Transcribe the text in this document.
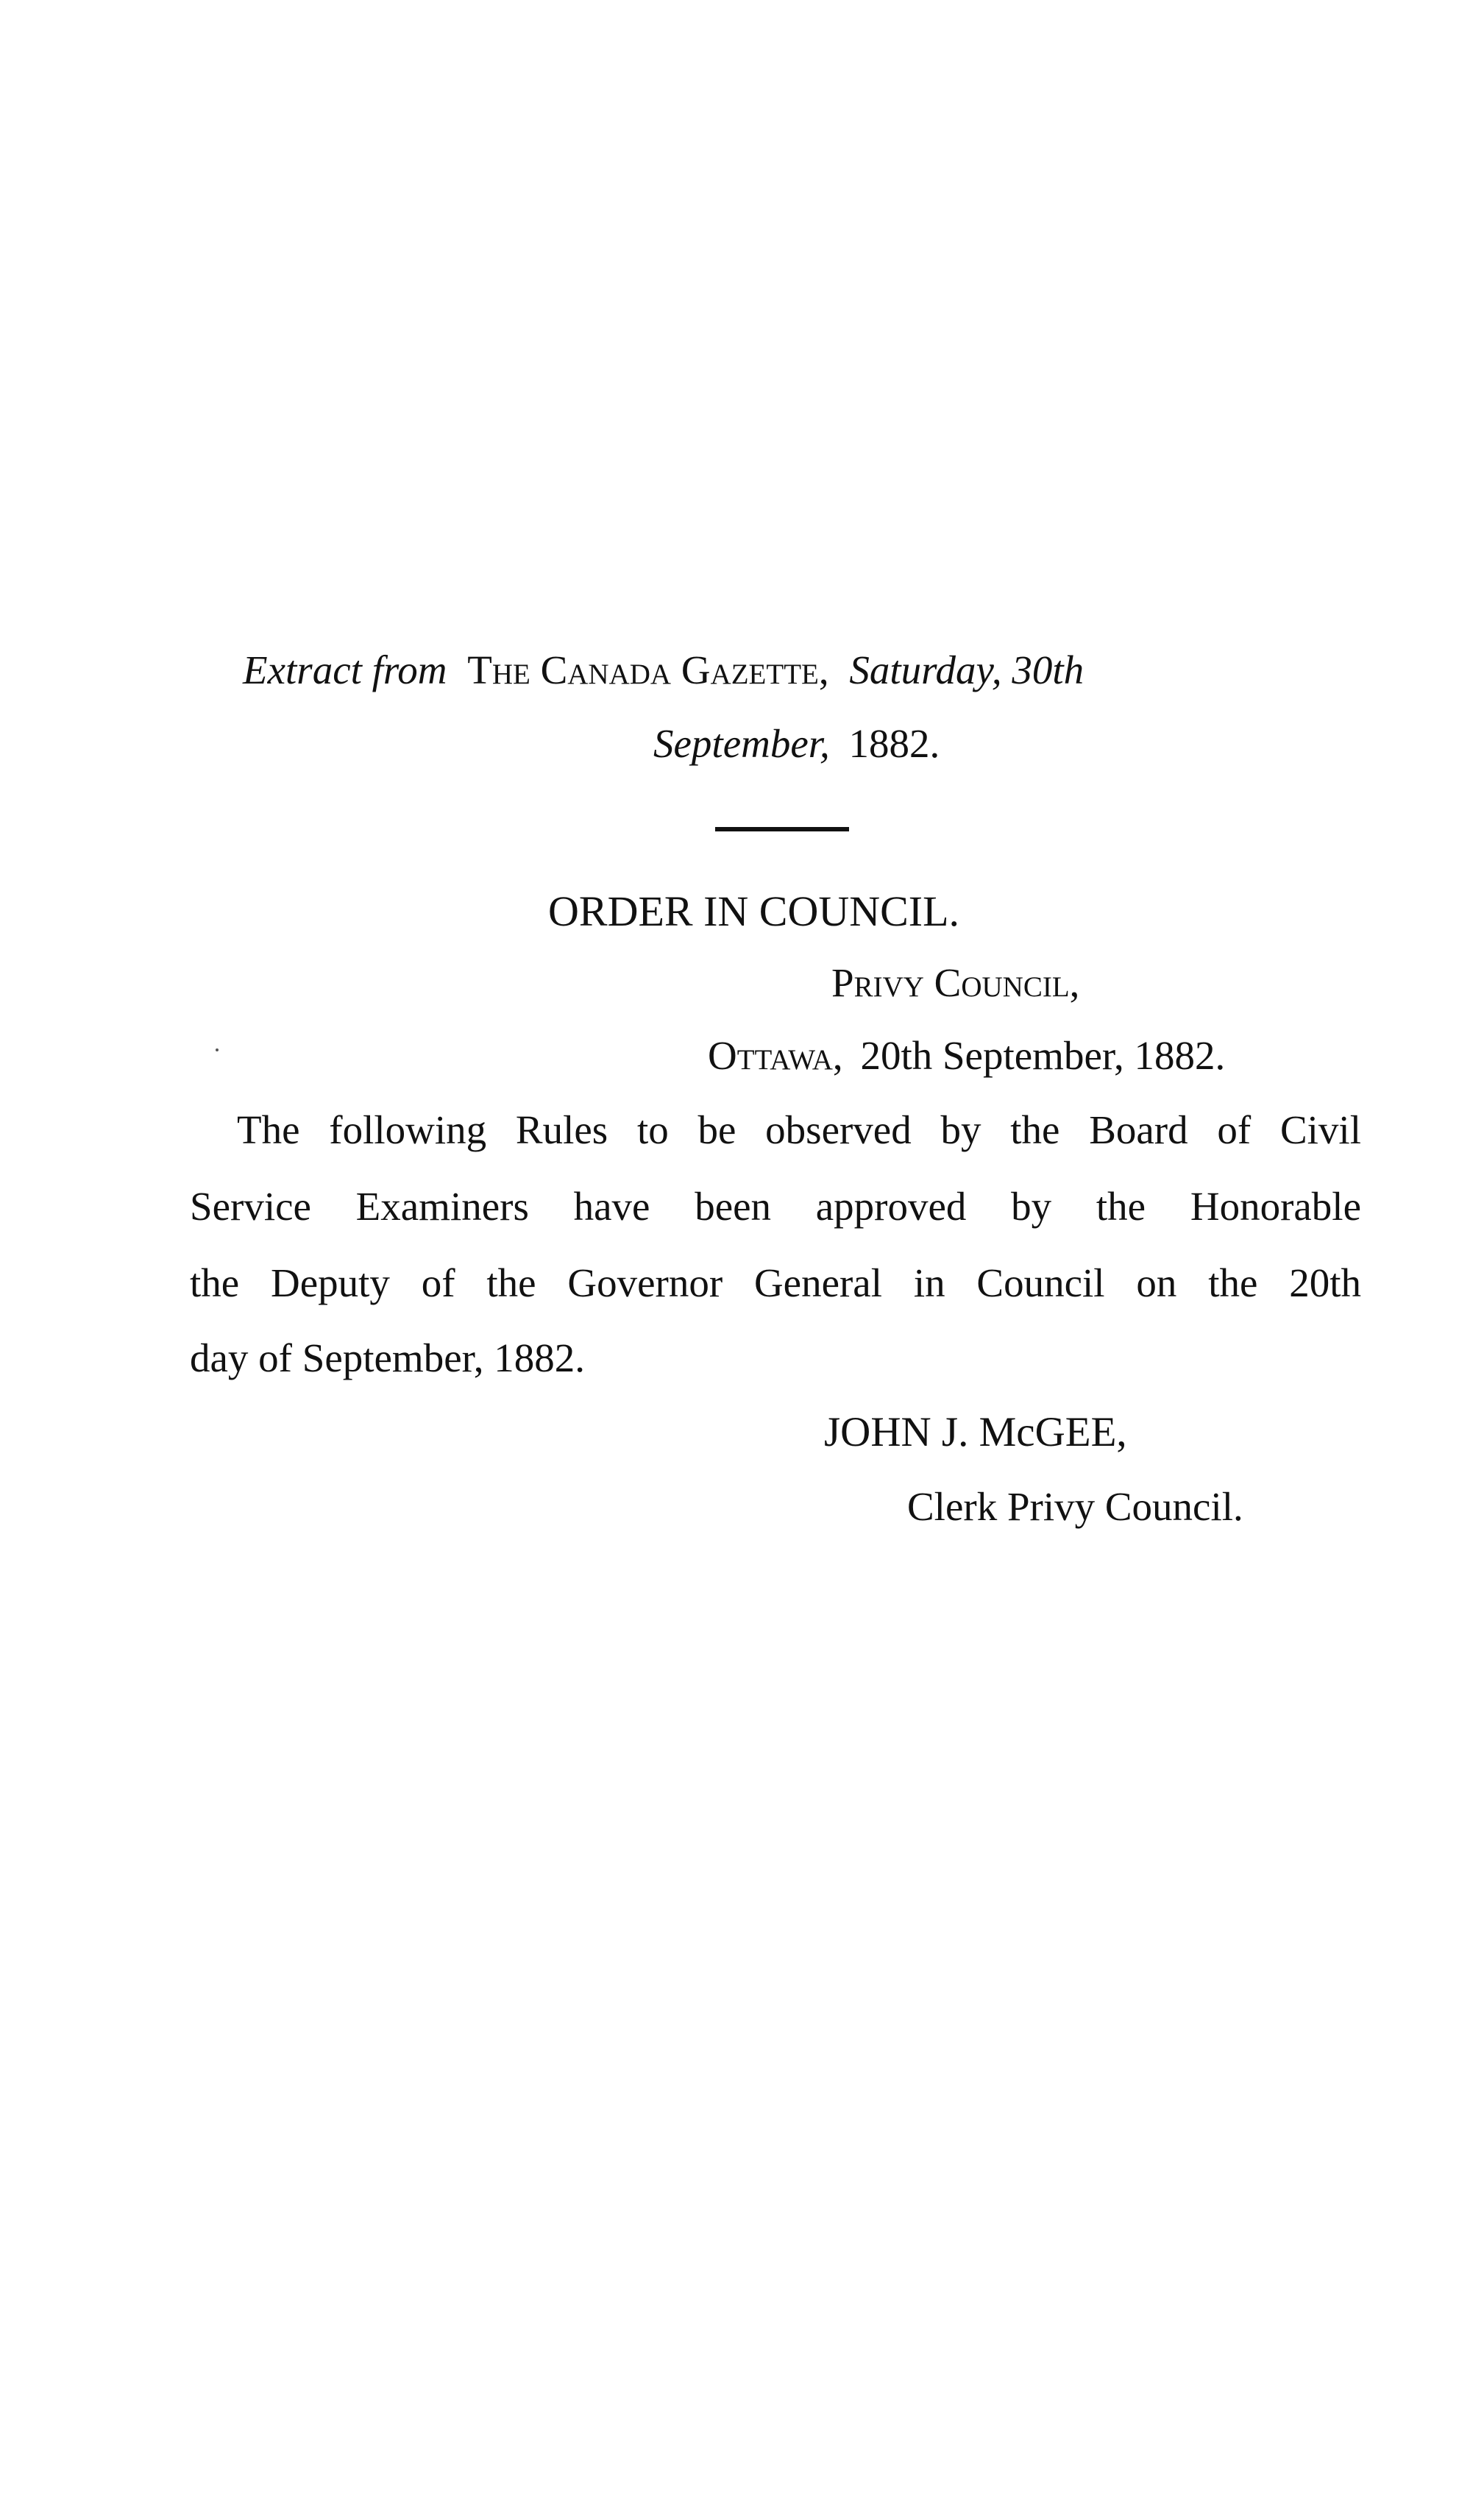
Extract from The Canada Gazette, Saturday, 30th
September, 1882.
ORDER IN COUNCIL.
Privy Council,
Ottawa, 20th September, 1882.
The following Rules to be observed by the Board of Civil
Service Examiners have been approved by the Honorable
the Deputy of the Governor General in Council on the 20th
day of September, 1882.
JOHN J. McGEE,
Clerk Privy Council.
